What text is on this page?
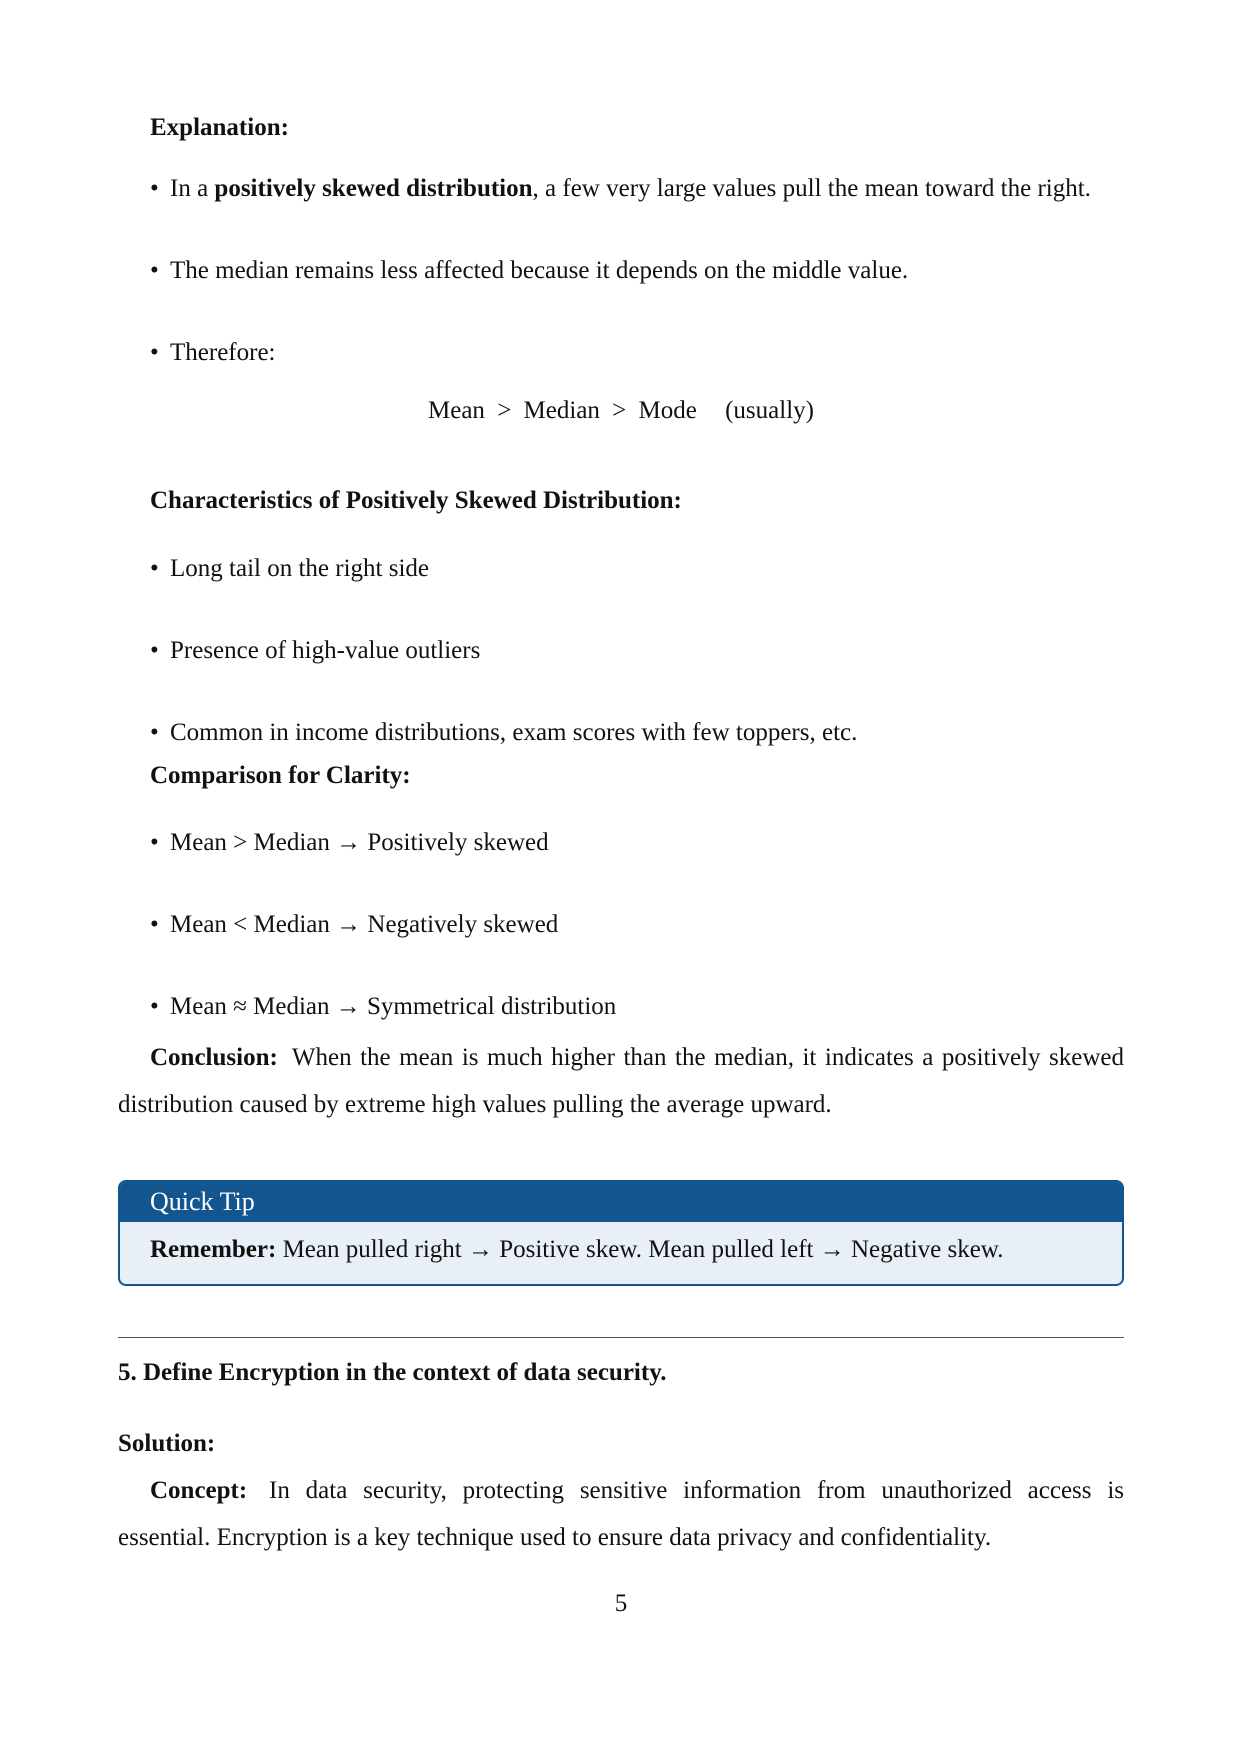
Explanation:
• In a positively skewed distribution, a few very large values pull the mean toward the right.
• The median remains less affected because it depends on the middle value.
• Therefore:
Mean > Median > Mode (usually)
Characteristics of Positively Skewed Distribution:
• Long tail on the right side
• Presence of high-value outliers
• Common in income distributions, exam scores with few toppers, etc.
Comparison for Clarity:
• Mean > Median → Positively skewed
• Mean < Median → Negatively skewed
• Mean ≈ Median → Symmetrical distribution
Conclusion: When the mean is much higher than the median, it indicates a positively skewed distribution caused by extreme high values pulling the average upward.
Quick Tip
Remember: Mean pulled right → Positive skew. Mean pulled left → Negative skew.
5. Define Encryption in the context of data security.
Solution:
Concept: In data security, protecting sensitive information from unauthorized access is essential. Encryption is a key technique used to ensure data privacy and confidentiality.
5
